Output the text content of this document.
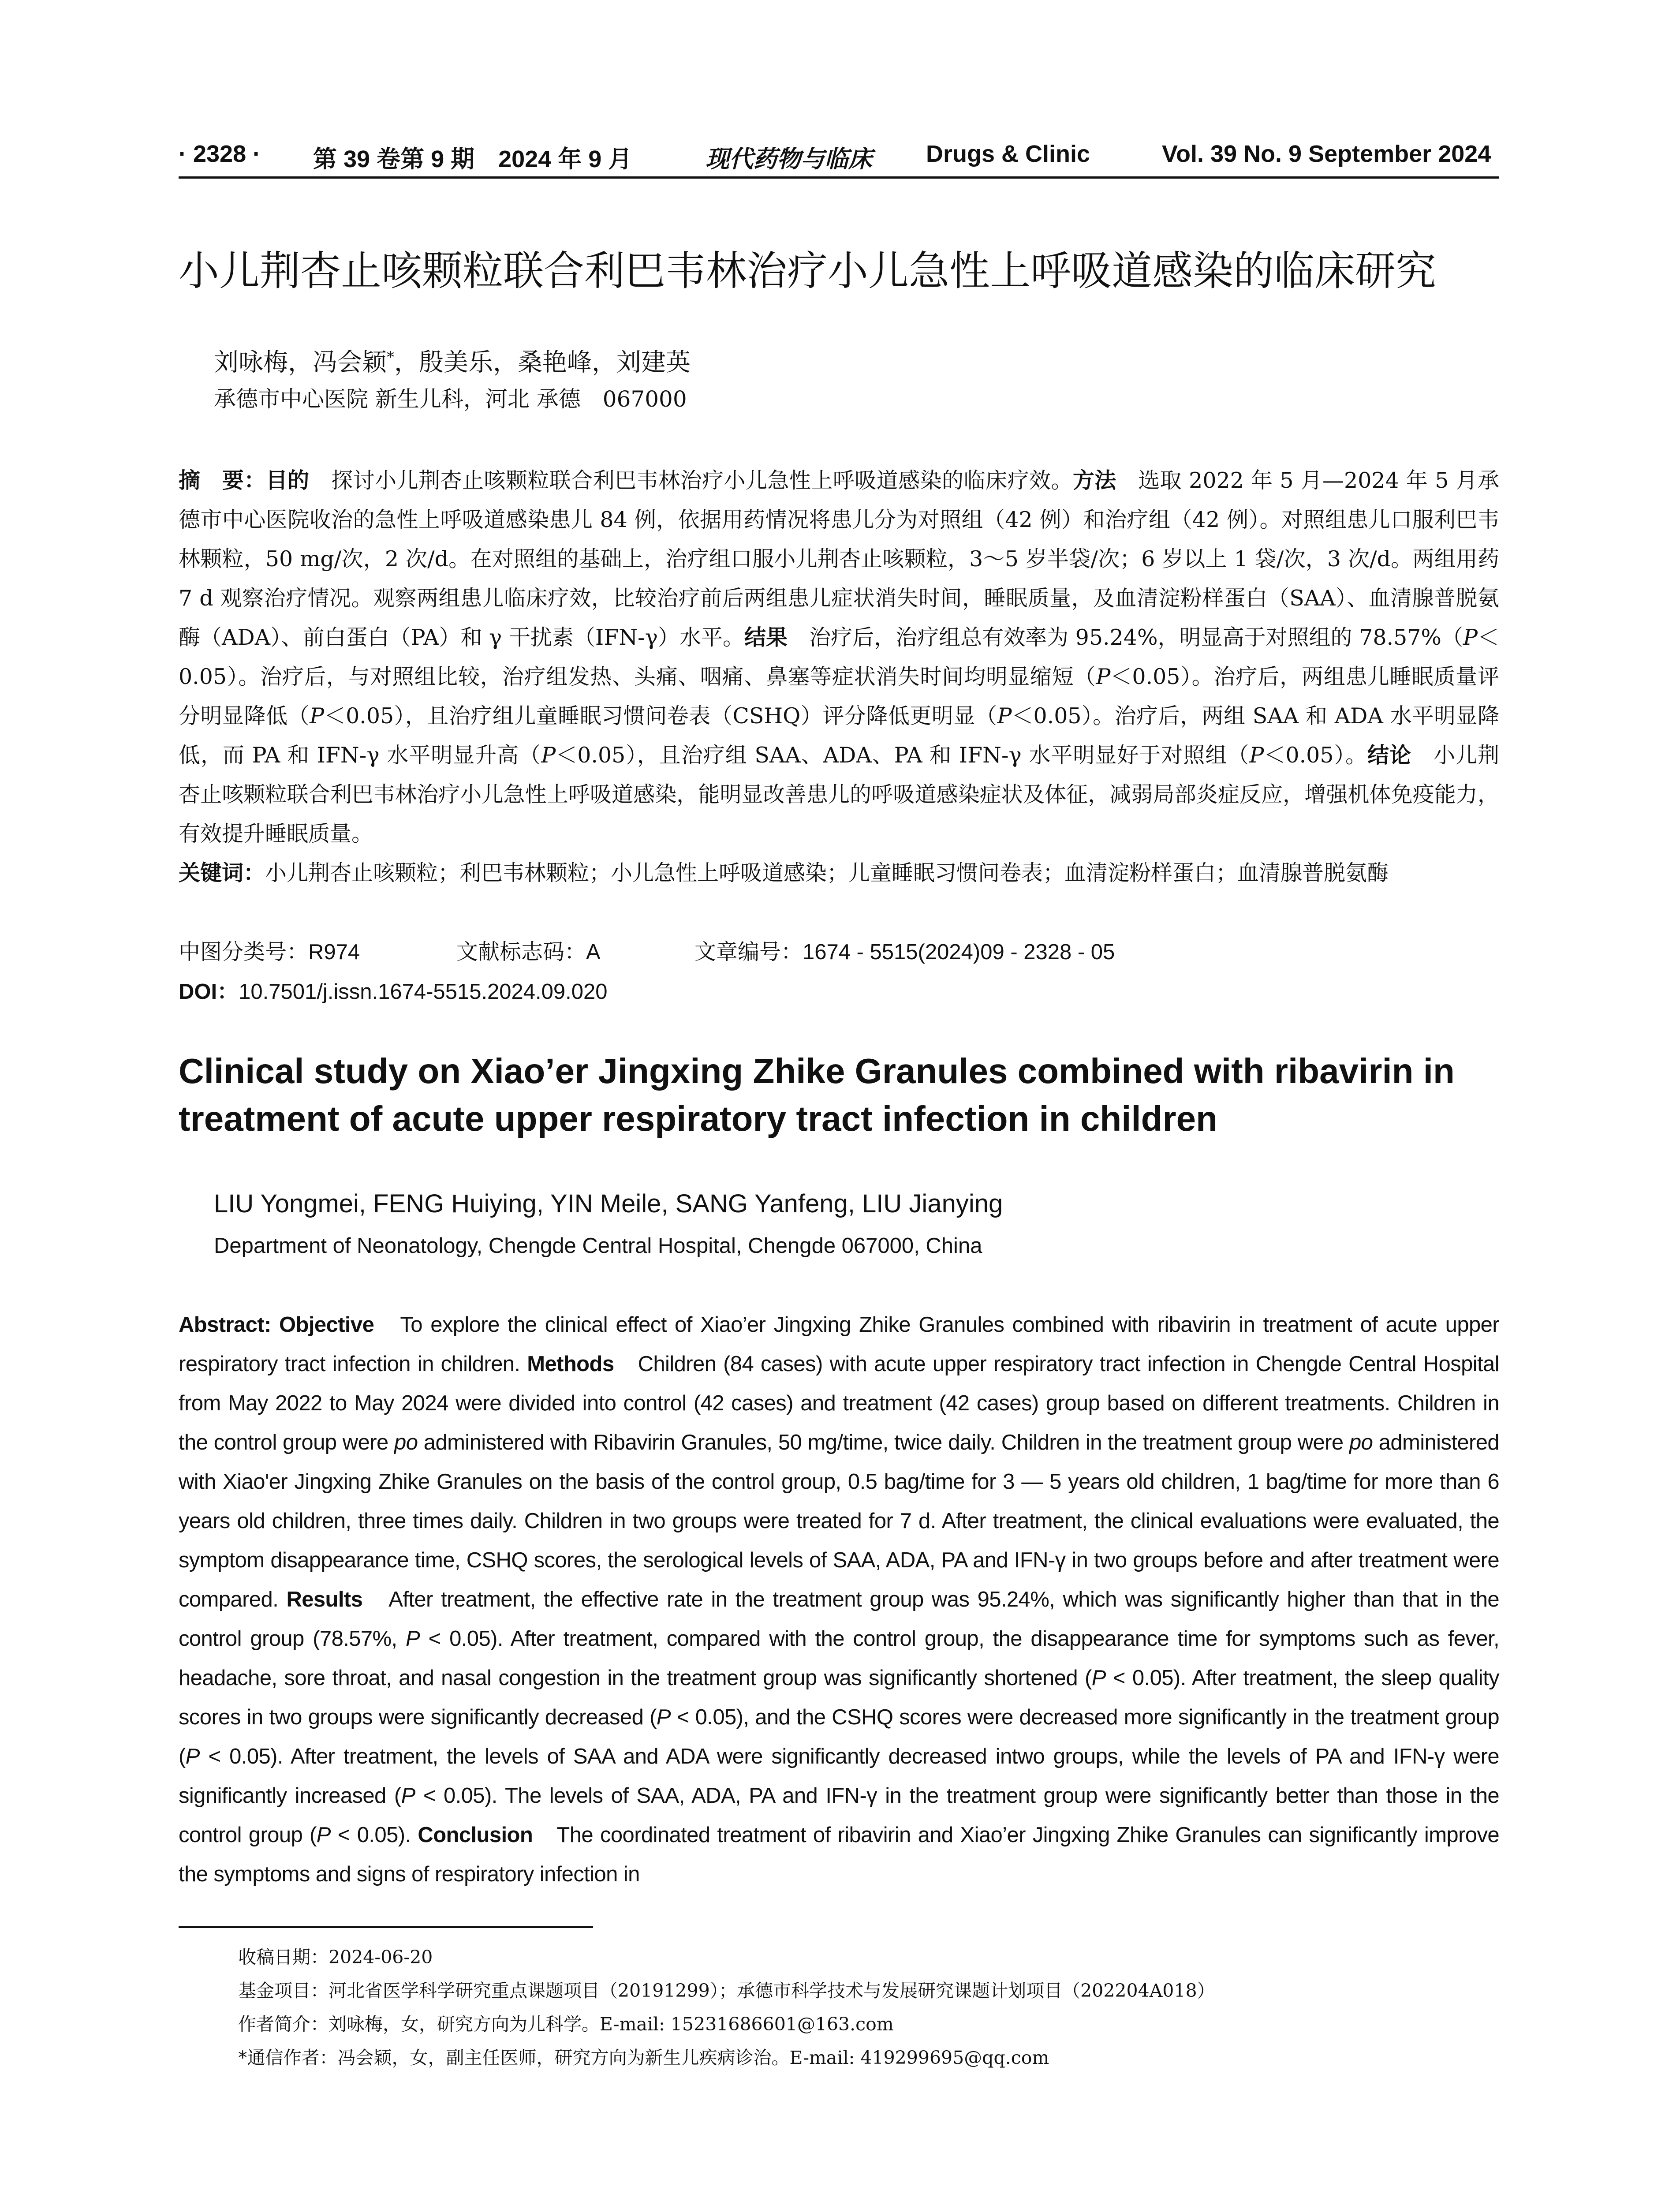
· 2328 · 第 39 卷第 9 期　2024 年 9 月	现代药物与临床 Drugs & Clinic	Vol. 39 No. 9 September 2024
小儿荆杏止咳颗粒联合利巴韦林治疗小儿急性上呼吸道感染的临床研究
刘咏梅，冯会颖*，殷美乐，桑艳峰，刘建英
承德市中心医院 新生儿科，河北 承德　067000
摘　要：目的　探讨小儿荆杏止咳颗粒联合利巴韦林治疗小儿急性上呼吸道感染的临床疗效。方法　选取 2022 年 5 月—2024 年 5 月承德市中心医院收治的急性上呼吸道感染患儿 84 例，依据用药情况将患儿分为对照组（42 例）和治疗组（42 例）。对照组患儿口服利巴韦林颗粒，50 mg/次，2 次/d。在对照组的基础上，治疗组口服小儿荆杏止咳颗粒，3～5 岁半袋/次；6 岁以上 1 袋/次，3 次/d。两组用药 7 d 观察治疗情况。观察两组患儿临床疗效，比较治疗前后两组患儿症状消失时间，睡眠质量，及血清淀粉样蛋白（SAA）、血清腺普脱氨酶（ADA）、前白蛋白（PA）和 γ 干扰素（IFN-γ）水平。结果　治疗后，治疗组总有效率为 95.24%，明显高于对照组的 78.57%（P＜0.05）。治疗后，与对照组比较，治疗组发热、头痛、咽痛、鼻塞等症状消失时间均明显缩短（P＜0.05）。治疗后，两组患儿睡眠质量评分明显降低（P＜0.05），且治疗组儿童睡眠习惯问卷表（CSHQ）评分降低更明显（P＜0.05）。治疗后，两组 SAA 和 ADA 水平明显降低，而 PA 和 IFN-γ 水平明显升高（P＜0.05），且治疗组 SAA、ADA、PA 和 IFN-γ 水平明显好于对照组（P＜0.05）。结论　小儿荆杏止咳颗粒联合利巴韦林治疗小儿急性上呼吸道感染，能明显改善患儿的呼吸道感染症状及体征，减弱局部炎症反应，增强机体免疫能力，有效提升睡眠质量。
关键词：小儿荆杏止咳颗粒；利巴韦林颗粒；小儿急性上呼吸道感染；儿童睡眠习惯问卷表；血清淀粉样蛋白；血清腺普脱氨酶
中图分类号：R974	文献标志码：A	文章编号：1674 - 5515(2024)09 - 2328 - 05
DOI：10.7501/j.issn.1674-5515.2024.09.020
Clinical study on Xiao’er Jingxing Zhike Granules combined with ribavirin in treatment of acute upper respiratory tract infection in children
LIU Yongmei, FENG Huiying, YIN Meile, SANG Yanfeng, LIU Jianying
Department of Neonatology, Chengde Central Hospital, Chengde 067000, China
Abstract: Objective　To explore the clinical effect of Xiao’er Jingxing Zhike Granules combined with ribavirin in treatment of acute upper respiratory tract infection in children. Methods　Children (84 cases) with acute upper respiratory tract infection in Chengde Central Hospital from May 2022 to May 2024 were divided into control (42 cases) and treatment (42 cases) group based on different treatments. Children in the control group were po administered with Ribavirin Granules, 50 mg/time, twice daily. Children in the treatment group were po administered with Xiao'er Jingxing Zhike Granules on the basis of the control group, 0.5 bag/time for 3 — 5 years old children, 1 bag/time for more than 6 years old children, three times daily. Children in two groups were treated for 7 d. After treatment, the clinical evaluations were evaluated, the symptom disappearance time, CSHQ scores, the serological levels of SAA, ADA, PA and IFN-γ in two groups before and after treatment were compared. Results　After treatment, the effective rate in the treatment group was 95.24%, which was significantly higher than that in the control group (78.57%, P < 0.05). After treatment, compared with the control group, the disappearance time for symptoms such as fever, headache, sore throat, and nasal congestion in the treatment group was significantly shortened (P < 0.05). After treatment, the sleep quality scores in two groups were significantly decreased (P < 0.05), and the CSHQ scores were decreased more significantly in the treatment group (P < 0.05). After treatment, the levels of SAA and ADA were significantly decreased intwo groups, while the levels of PA and IFN-γ were significantly increased (P < 0.05). The levels of SAA, ADA, PA and IFN-γ in the treatment group were significantly better than those in the control group (P < 0.05). Conclusion　The coordinated treatment of ribavirin and Xiao’er Jingxing Zhike Granules can significantly improve the symptoms and signs of respiratory infection in
收稿日期：2024-06-20
基金项目：河北省医学科学研究重点课题项目（20191299）；承德市科学技术与发展研究课题计划项目（202204A018）
作者简介：刘咏梅，女，研究方向为儿科学。E-mail: 15231686601@163.com
*通信作者：冯会颖，女，副主任医师，研究方向为新生儿疾病诊治。E-mail: 419299695@qq.com
